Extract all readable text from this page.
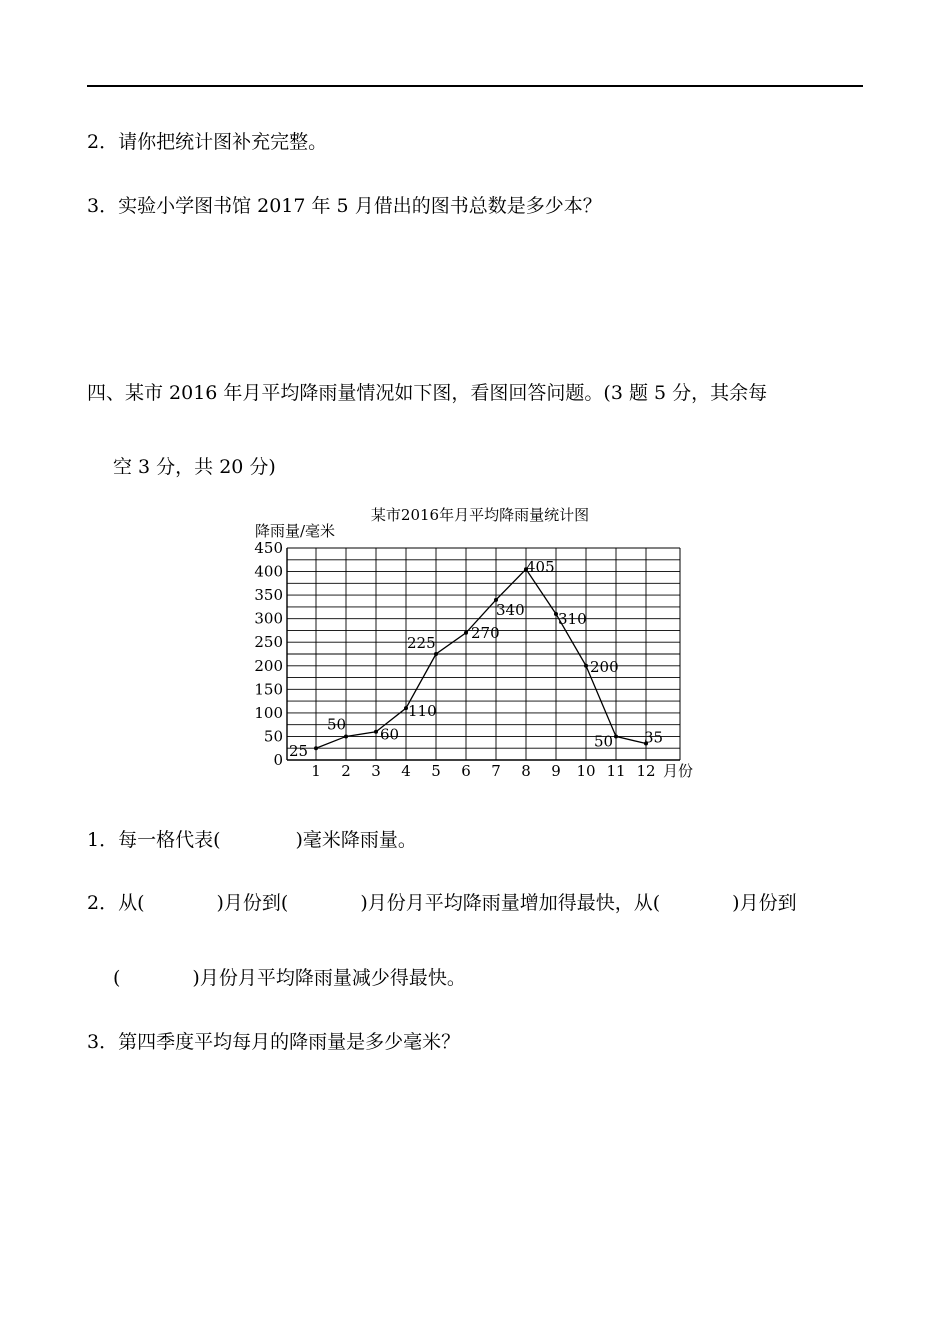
2．请你把统计图补充完整。
3．实验小学图书馆 2017 年 5 月借出的图书总数是多少本？
四、某市 2016 年月平均降雨量情况如下图，看图回答问题。(3 题 5 分，其余每
空 3 分，共 20 分)
某市2016年月平均降雨量统计图
降雨量/毫米
0
50
100
150
200
250
300
350
400
450
1 2 3 4 5 6 7 8 9 10 11 12 月份
25
50
60
110
225
270
340
405
310
200
50 35
1．每一格代表(	)毫米降雨量。
2．从(	)月份到(	)月份月平均降雨量增加得最快，从(	)月份到
(	)月份月平均降雨量减少得最快。
3．第四季度平均每月的降雨量是多少毫米？
